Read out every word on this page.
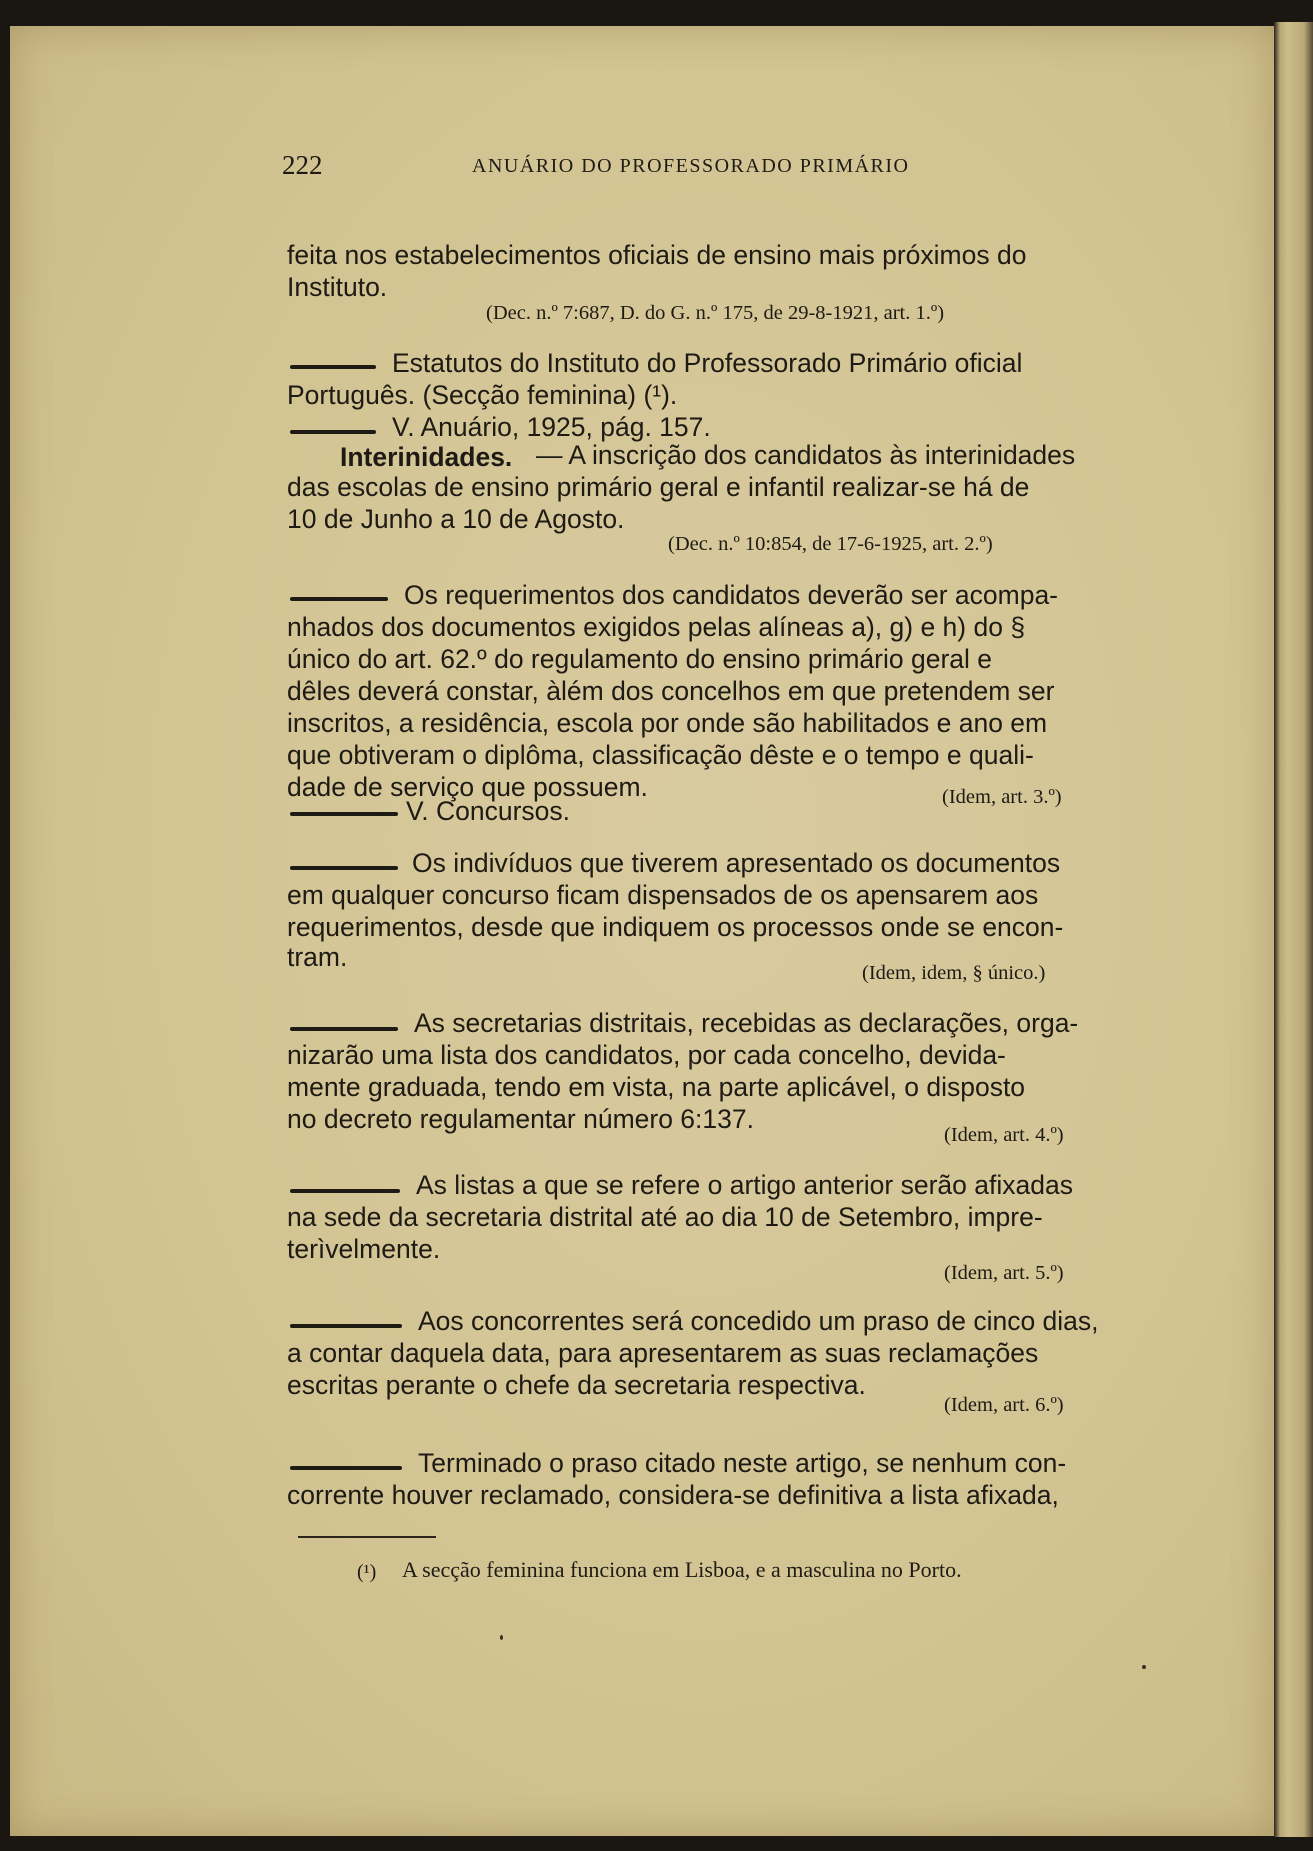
222	ANUÁRIO DO PROFESSORADO PRIMÁRIO
feita nos estabelecimentos oficiais de ensino mais próximos do
Instituto.
(Dec. n.º 7:687, D. do G. n.º 175, de 29-8-1921, art. 1.º)
Estatutos do Instituto do Professorado Primário oficial
Português. (Secção feminina) (¹).
V. Anuário, 1925, pág. 157.
Interinidades. — A inscrição dos candidatos às interinidades
das escolas de ensino primário geral e infantil realizar-se há de
10 de Junho a 10 de Agosto.
(Dec. n.º 10:854, de 17-6-1925, art. 2.º)
Os requerimentos dos candidatos deverão ser acompa-
nhados dos documentos exigidos pelas alíneas a), g) e h) do §
único do art. 62.º do regulamento do ensino primário geral e
dêles deverá constar, àlém dos concelhos em que pretendem ser
inscritos, a residência, escola por onde são habilitados e ano em
que obtiveram o diplôma, classificação dêste e o tempo e quali-
dade de serviço que possuem.	(Idem, art. 3.º)
V. Concursos.
Os indivíduos que tiverem apresentado os documentos
em qualquer concurso ficam dispensados de os apensarem aos
requerimentos, desde que indiquem os processos onde se encon-
tram.
(Idem, idem, § único.)
As secretarias distritais, recebidas as declarações, orga-
nizarão uma lista dos candidatos, por cada concelho, devida-
mente graduada, tendo em vista, na parte aplicável, o disposto
no decreto regulamentar número 6:137.
(Idem, art. 4.º)
As listas a que se refere o artigo anterior serão afixadas
na sede da secretaria distrital até ao dia 10 de Setembro, impre-
terìvelmente.
(Idem, art. 5.º)
Aos concorrentes será concedido um praso de cinco dias,
a contar daquela data, para apresentarem as suas reclamações
escritas perante o chefe da secretaria respectiva.
(Idem, art. 6.º)
Terminado o praso citado neste artigo, se nenhum con-
corrente houver reclamado, considera-se definitiva a lista afixada,
(¹) A secção feminina funciona em Lisboa, e a masculina no Porto.
